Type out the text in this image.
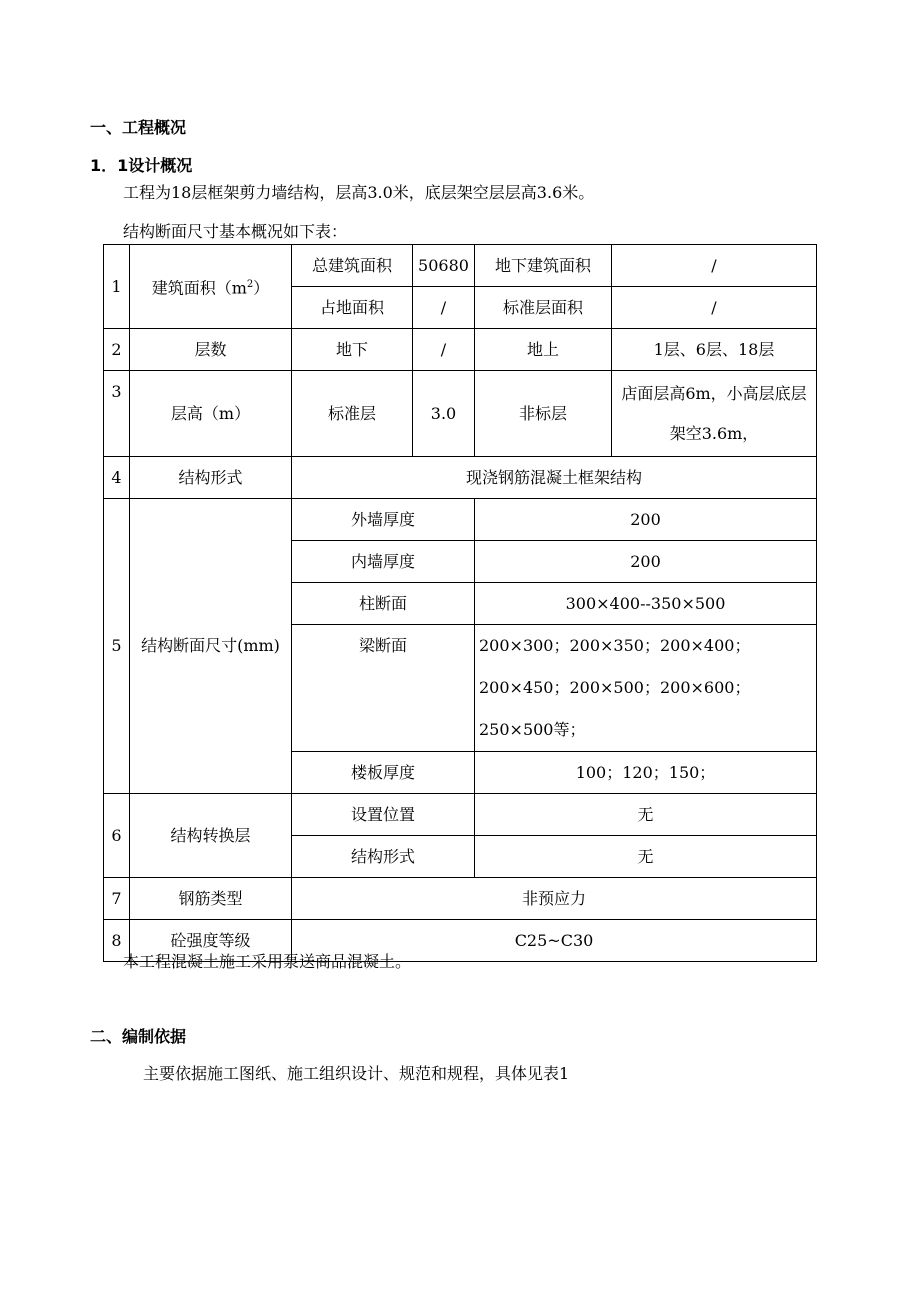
一、工程概况
1．1设计概况
工程为18层框架剪力墙结构，层高3.0米，底层架空层层高3.6米。
结构断面尺寸基本概况如下表：
1	建筑面积$(m^2)$	总建筑面积	50680	地下建筑面积	/
		占地面积	/	标准层面积	/
2	层数	地下	/	地上	1层、6层、18层
3	层高（m）	标准层	3.0	非标层	店面层高6m，小高层底层架空3.6m，
4	结构形式	现浇钢筋混凝土框架结构			
5	结构断面尺寸(mm)	外墙厚度		200	
		内墙厚度		200	
		柱断面		300×400--350×500	
		梁断面		200×300；200×350；200×400；200×450；200×500；200×600；250×500等；	

		楼板厚度		100；120；150；	
6	结构转换层	设置位置		无	
		结构形式		无	
7	钢筋类型	非预应力			
8	砼强度等级	C25~C30			
本工程混凝土施工采用泵送商品混凝土。
二、编制依据
主要依据施工图纸、施工组织设计、规范和规程，具体见表1
